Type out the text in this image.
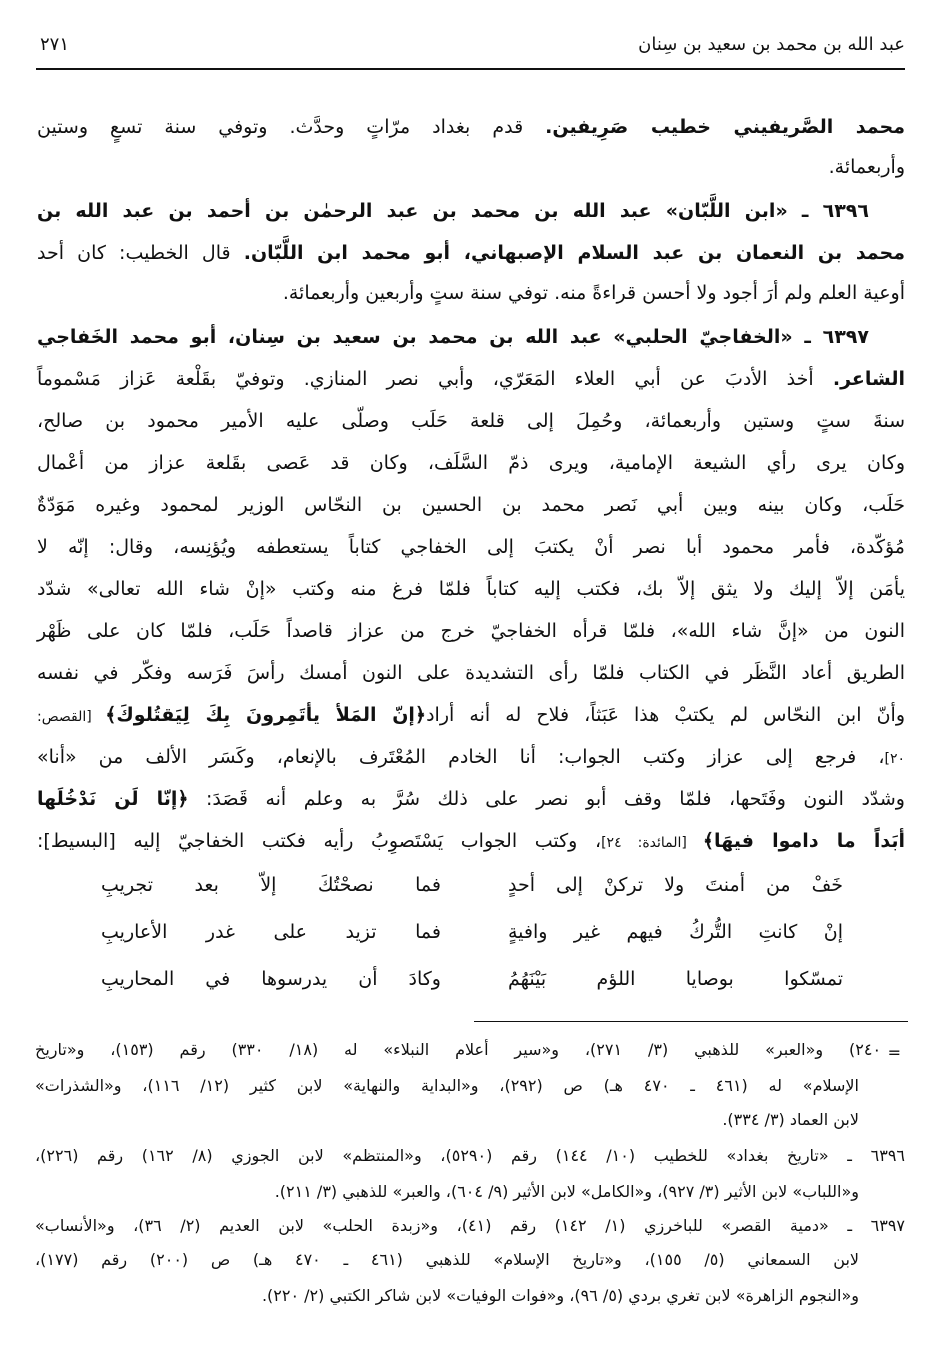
عبد الله بن محمد بن سعيد بن سِنان
٢٧١
محمد الصَّريفيني خطيب صَرِيفين. قدم بغداد مرّاتٍ وحدَّث. وتوفي سنة تسعٍ وستين
وأربعمائة.
٦٣٩٦ ـ «ابن اللَّبّان» عبد الله بن محمد بن عبد الرحمٰن بن أحمد بن عبد الله بن
محمد بن النعمان بن عبد السلام الإصبهاني، أبو محمد ابن اللَّبّان. قال الخطيب: كان أحد
أوعية العلم ولم أرَ أجود ولا أحسن قراءةً منه. توفي سنة ستٍ وأربعين وأربعمائة.
٦٣٩٧ ـ «الخفاجيّ الحلبي» عبد الله بن محمد بن سعيد بن سِنان، أبو محمد الخَفاجي
الشاعر. أخذ الأدبَ عن أبي العلاء المَعَرّي، وأبي نصر المنازي. وتوفيّ بقَلْعة عَزاز مَسْموماً
سنةَ ستٍ وستين وأربعمائة، وحُمِلَ إلى قلعة حَلَب وصلّى عليه الأمير محمود بن صالح،
وكان يرى رأي الشيعة الإمامية، ويرى ذمّ السَّلَف، وكان قد عَصى بقَلعة عزاز من أعْمال
حَلَب، وكان بينه وبين أبي نَصر محمد بن الحسين بن النحّاس الوزير لمحمود وغيره مَوَدّةٌ
مُؤكّدة، فأمر محمود أبا نصر أنْ يكتبَ إلى الخفاجي كتاباً يستعطفه ويُؤنِسه، وقال: إنّه لا
يأمَن إلاّ إليك ولا يثق إلاّ بك، فكتب إليه كتاباً فلمّا فرغ منه وكتب «إنْ شاء الله تعالى» شدّد
النون من «إنَّ شاء الله»، فلمّا قرأه الخفاجيّ خرج من عزاز قاصداً حَلَب، فلمّا كان على ظَهْر
الطريق أعاد النَّظَر في الكتاب فلمّا رأى التشديدة على النون أمسك رأسَ فَرَسه وفكّر في نفسه
وأنّ ابن النحّاس لم يكتبْ هذا عَبَثاً، فلاح له أنه أراد﴿إنّ المَلأ يأتَمِرونَ بِكَ لِيَقتُلوكَ﴾ [القصص:
٢٠]، فرجع إلى عزاز وكتب الجواب: أنا الخادم المُعْتَرف بالإنعام، وكَسَر الألف من «أنا»
وشدّد النون وفَتَحها، فلمّا وقف أبو نصر على ذلك سُرَّ به وعلم أنه قَصَدَ: ﴿إنّا لَن نَدْخُلَها
أبَداً ما داموا فيهَا﴾ [المائدة: ٢٤]، وكتب الجواب يَسْتَصوِبُ رأيه فكتب الخفاجيّ إليه [البسيط]:
خَفْ من أمنتَ ولا تركنْ إلى أحدٍ
فما نصحْتُكَ إلاّ بعد تجريبِ
إنْ كانتِ التُّركُ فيهم غير وافيةٍ
فما تزيد على غدر الأعاريبِ
تمسّكوا بوصايا اللؤم بَيْنَهُمُ
وكادَ أن يدرسوها في المحاريبِ
=
٢٤٠) و«العبر» للذهبي (٣/ ٢٧١)، و«سير أعلام النبلاء» له (١٨/ ٣٣٠) رقم (١٥٣)، و«تاريخ
الإسلام» له (٤٦١ ـ ٤٧٠ هـ) ص (٢٩٢)، و«البداية والنهاية» لابن كثير (١٢/ ١١٦)، و«الشذرات»
لابن العماد (٣/ ٣٣٤).
٦٣٩٦ ـ «تاريخ بغداد» للخطيب (١٠/ ١٤٤) رقم (٥٢٩٠)، و«المنتظم» لابن الجوزي (٨/ ١٦٢) رقم (٢٢٦)،
و«اللباب» لابن الأثير (٣/ ٩٢٧)، و«الكامل» لابن الأثير (٩/ ٦٠٤)، والعبر» للذهبي (٣/ ٢١١).
٦٣٩٧ ـ «دمية القصر» للباخرزي (١/ ١٤٢) رقم (٤١)، و«زبدة الحلب» لابن العديم (٢/ ٣٦)، و«الأنساب»
لابن السمعاني (٥/ ١٥٥)، و«تاريخ الإسلام» للذهبي (٤٦١ ـ ٤٧٠ هـ) ص (٢٠٠) رقم (١٧٧)،
و«النجوم الزاهرة» لابن تغري بردي (٥/ ٩٦)، و«فوات الوفيات» لابن شاكر الكتبي (٢/ ٢٢٠).
